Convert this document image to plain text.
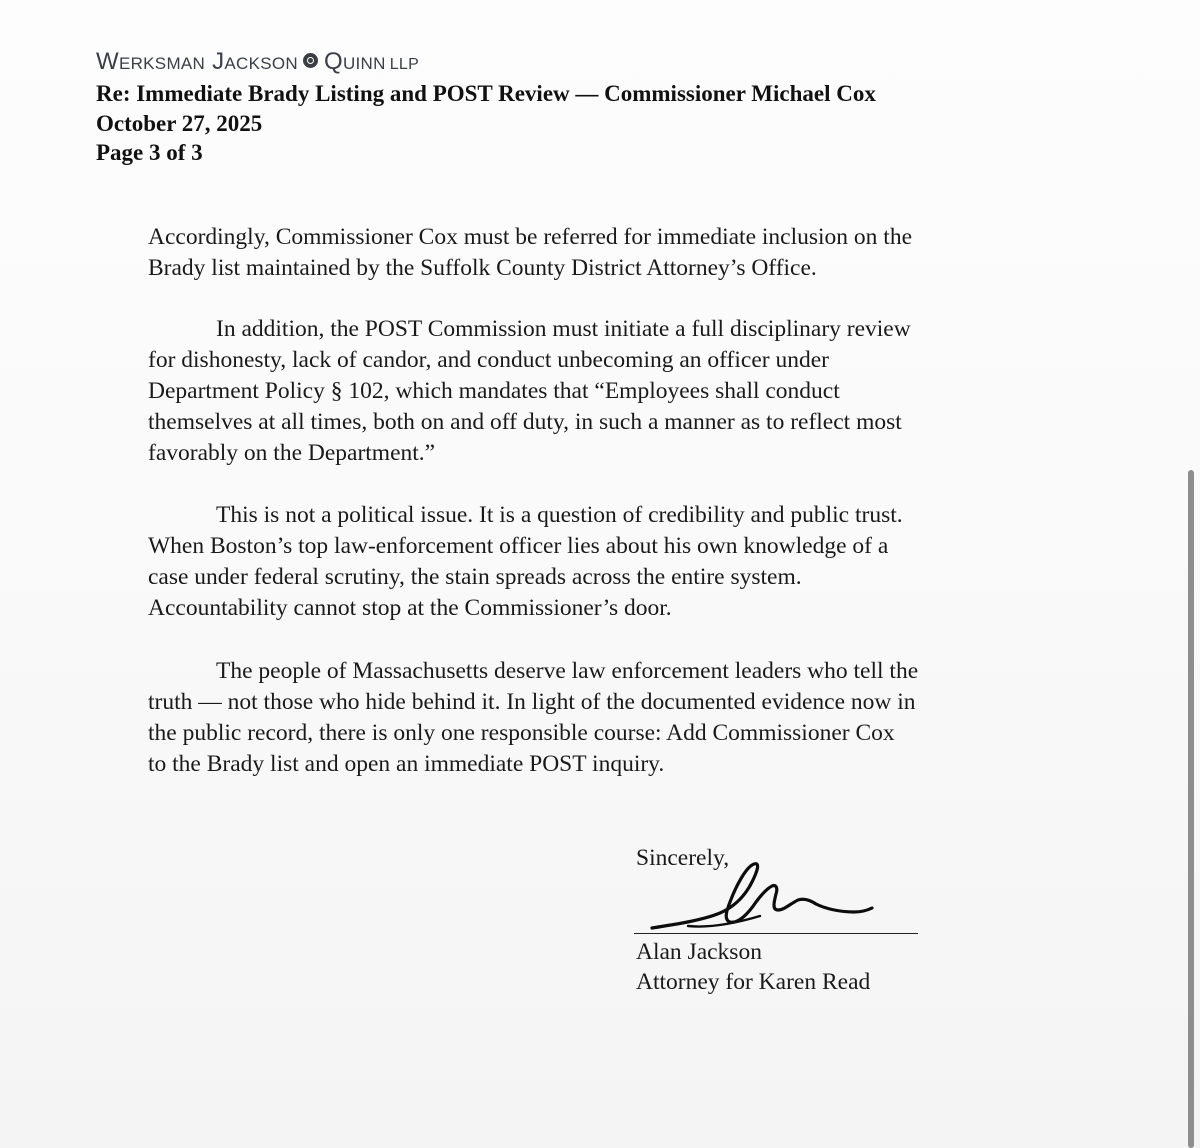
Werksman Jackson Quinn LLP
Re: Immediate Brady Listing and POST Review — Commissioner Michael Cox
October 27, 2025
Page 3 of 3
Accordingly, Commissioner Cox must be referred for immediate inclusion on the
Brady list maintained by the Suffolk County District Attorney’s Office.
In addition, the POST Commission must initiate a full disciplinary review
for dishonesty, lack of candor, and conduct unbecoming an officer under
Department Policy § 102, which mandates that “Employees shall conduct
themselves at all times, both on and off duty, in such a manner as to reflect most
favorably on the Department.”
This is not a political issue. It is a question of credibility and public trust.
When Boston’s top law-enforcement officer lies about his own knowledge of a
case under federal scrutiny, the stain spreads across the entire system.
Accountability cannot stop at the Commissioner’s door.
The people of Massachusetts deserve law enforcement leaders who tell the
truth — not those who hide behind it. In light of the documented evidence now in
the public record, there is only one responsible course: Add Commissioner Cox
to the Brady list and open an immediate POST inquiry.
Sincerely,
Alan Jackson
Attorney for Karen Read
